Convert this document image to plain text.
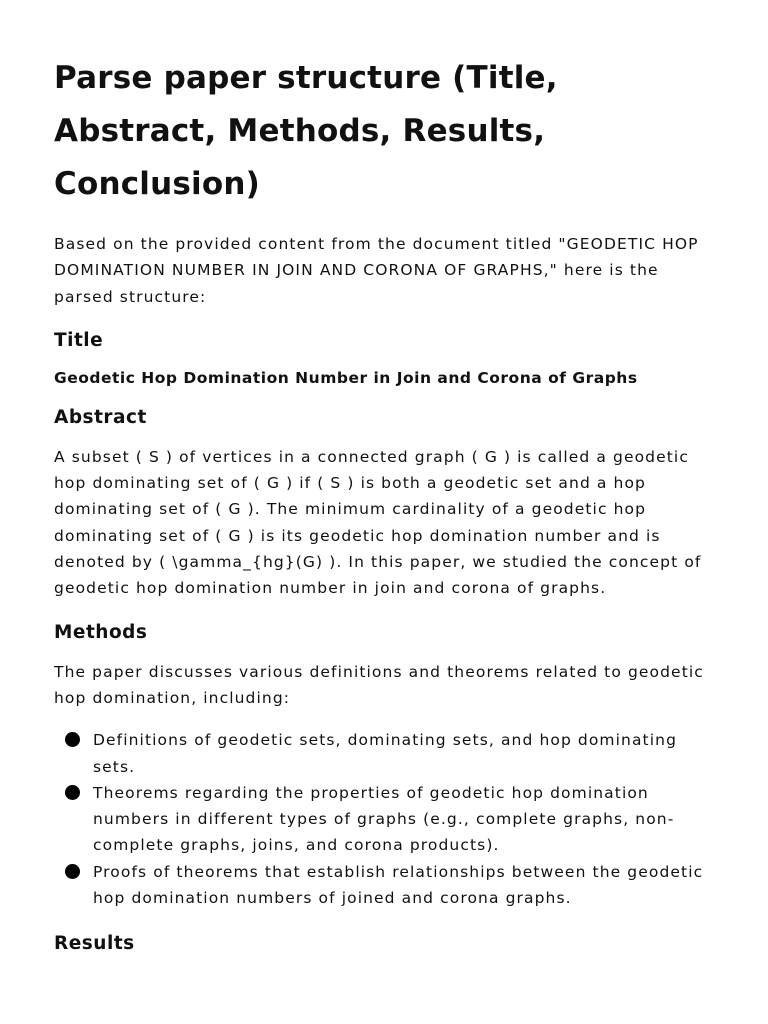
Parse paper structure (Title, Abstract, Methods, Results, Conclusion)

Based on the provided content from the document titled "GEODETIC HOP DOMINATION NUMBER IN JOIN AND CORONA OF GRAPHS," here is the parsed structure:

Title

Geodetic Hop Domination Number in Join and Corona of Graphs

Abstract

A subset ( S ) of vertices in a connected graph ( G ) is called a geodetic hop dominating set of ( G ) if ( S ) is both a geodetic set and a hop dominating set of ( G ). The minimum cardinality of a geodetic hop dominating set of ( G ) is its geodetic hop domination number and is denoted by ( \gamma_{hg}(G) ). In this paper, we studied the concept of geodetic hop domination number in join and corona of graphs.

Methods

The paper discusses various definitions and theorems related to geodetic hop domination, including:

Definitions of geodetic sets, dominating sets, and hop dominating sets.
Theorems regarding the properties of geodetic hop domination numbers in different types of graphs (e.g., complete graphs, non-complete graphs, joins, and corona products).
Proofs of theorems that establish relationships between the geodetic hop domination numbers of joined and corona graphs.
Results
